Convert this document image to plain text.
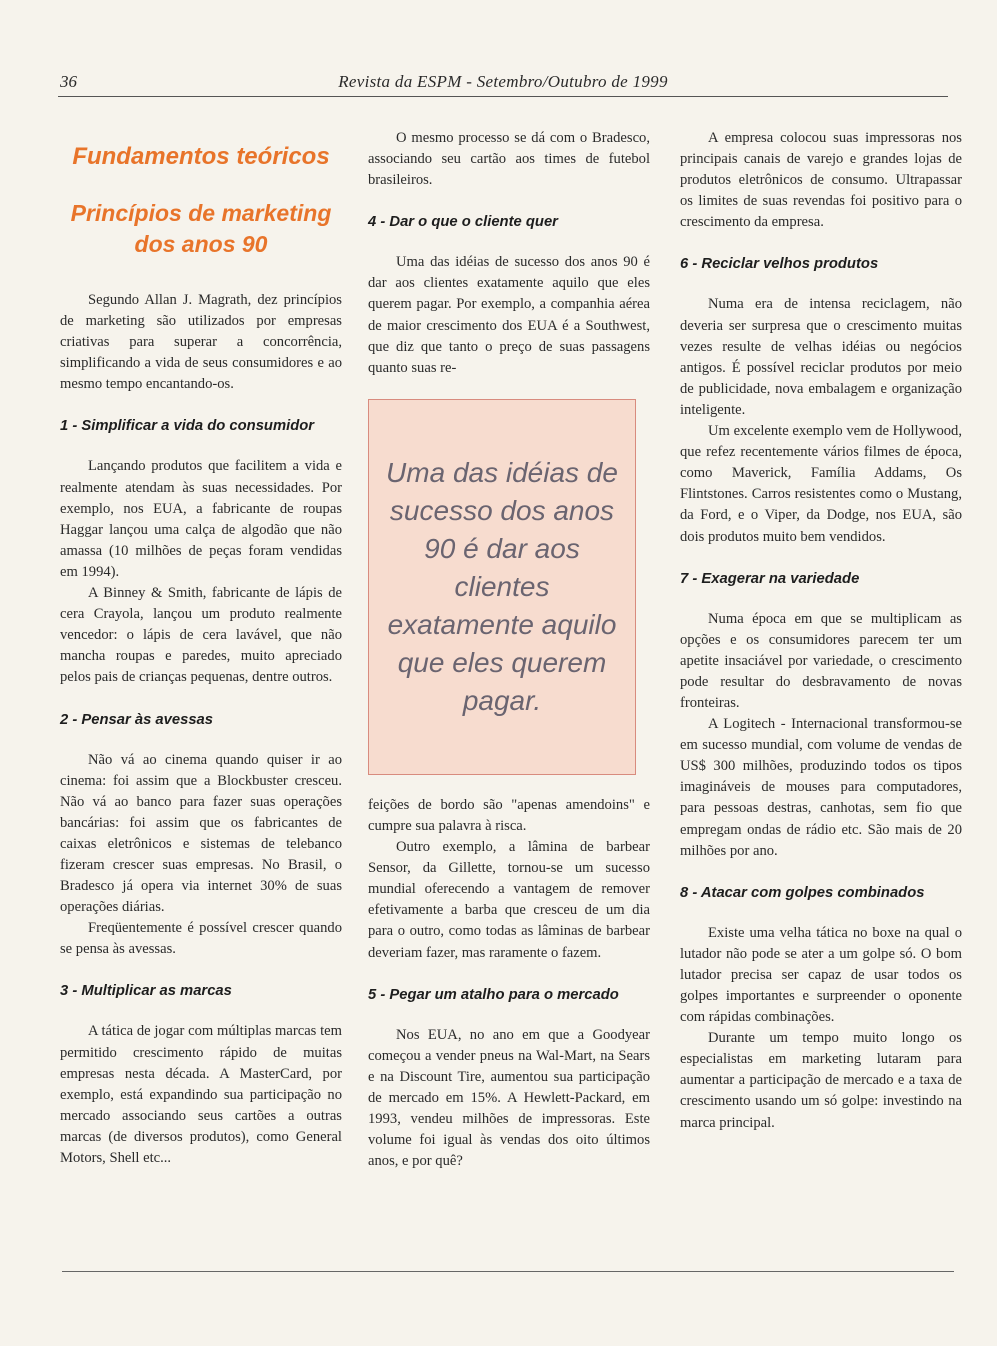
36	Revista da ESPM - Setembro/Outubro de 1999
Fundamentos teóricos
Princípios de marketing dos anos 90

Segundo Allan J. Magrath, dez princípios de marketing são utilizados por empresas criativas para superar a concorrência, simplificando a vida de seus consumidores e ao mesmo tempo encantando-os.

1 - Simplificar a vida do consumidor

Lançando produtos que facilitem a vida e realmente atendam às suas necessidades. Por exemplo, nos EUA, a fabricante de roupas Haggar lançou uma calça de algodão que não amassa (10 milhões de peças foram vendidas em 1994).

A Binney & Smith, fabricante de lápis de cera Crayola, lançou um produto realmente vencedor: o lápis de cera lavável, que não mancha roupas e paredes, muito apreciado pelos pais de crianças pequenas, dentre outros.

2 - Pensar às avessas

Não vá ao cinema quando quiser ir ao cinema: foi assim que a Blockbuster cresceu. Não vá ao banco para fazer suas operações bancárias: foi assim que os fabricantes de caixas eletrônicos e sistemas de telebanco fizeram crescer suas empresas. No Brasil, o Bradesco já opera via internet 30% de suas operações diárias.

Freqüentemente é possível crescer quando se pensa às avessas.

3 - Multiplicar as marcas

A tática de jogar com múltiplas marcas tem permitido crescimento rápido de muitas empresas nesta década. A MasterCard, por exemplo, está expandindo sua participação no mercado associando seus cartões a outras marcas (de diversos produtos), como General Motors, Shell etc...

O mesmo processo se dá com o Bradesco, associando seu cartão aos times de futebol brasileiros.

4 - Dar o que o cliente quer

Uma das idéias de sucesso dos anos 90 é dar aos clientes exatamente aquilo que eles querem pagar. Por exemplo, a companhia aérea de maior crescimento dos EUA é a Southwest, que diz que tanto o preço de suas passagens quanto suas re-

Uma das idéias de sucesso dos anos 90 é dar aos clientes exatamente aquilo que eles querem pagar.

feições de bordo são "apenas amendoins" e cumpre sua palavra à risca.

Outro exemplo, a lâmina de barbear Sensor, da Gillette, tornou-se um sucesso mundial oferecendo a vantagem de remover efetivamente a barba que cresceu de um dia para o outro, como todas as lâminas de barbear deveriam fazer, mas raramente o fazem.

5 - Pegar um atalho para o mercado

Nos EUA, no ano em que a Goodyear começou a vender pneus na Wal-Mart, na Sears e na Discount Tire, aumentou sua participação de mercado em 15%. A Hewlett-Packard, em 1993, vendeu milhões de impressoras. Este volume foi igual às vendas dos oito últimos anos, e por quê?

A empresa colocou suas impressoras nos principais canais de varejo e grandes lojas de produtos eletrônicos de consumo. Ultrapassar os limites de suas revendas foi positivo para o crescimento da empresa.

6 - Reciclar velhos produtos

Numa era de intensa reciclagem, não deveria ser surpresa que o crescimento muitas vezes resulte de velhas idéias ou negócios antigos. É possível reciclar produtos por meio de publicidade, nova embalagem e organização inteligente.

Um excelente exemplo vem de Hollywood, que refez recentemente vários filmes de época, como Maverick, Família Addams, Os Flintstones. Carros resistentes como o Mustang, da Ford, e o Viper, da Dodge, nos EUA, são dois produtos muito bem vendidos.

7 - Exagerar na variedade

Numa época em que se multiplicam as opções e os consumidores parecem ter um apetite insaciável por variedade, o crescimento pode resultar do desbravamento de novas fronteiras.

A Logitech - Internacional transformou-se em sucesso mundial, com volume de vendas de US$ 300 milhões, produzindo todos os tipos imagináveis de mouses para computadores, para pessoas destras, canhotas, sem fio que empregam ondas de rádio etc. São mais de 20 milhões por ano.

8 - Atacar com golpes combinados

Existe uma velha tática no boxe na qual o lutador não pode se ater a um golpe só. O bom lutador precisa ser capaz de usar todos os golpes importantes e surpreender o oponente com rápidas combinações.

Durante um tempo muito longo os especialistas em marketing lutaram para aumentar a participação de mercado e a taxa de crescimento usando um só golpe: investindo na marca principal.
